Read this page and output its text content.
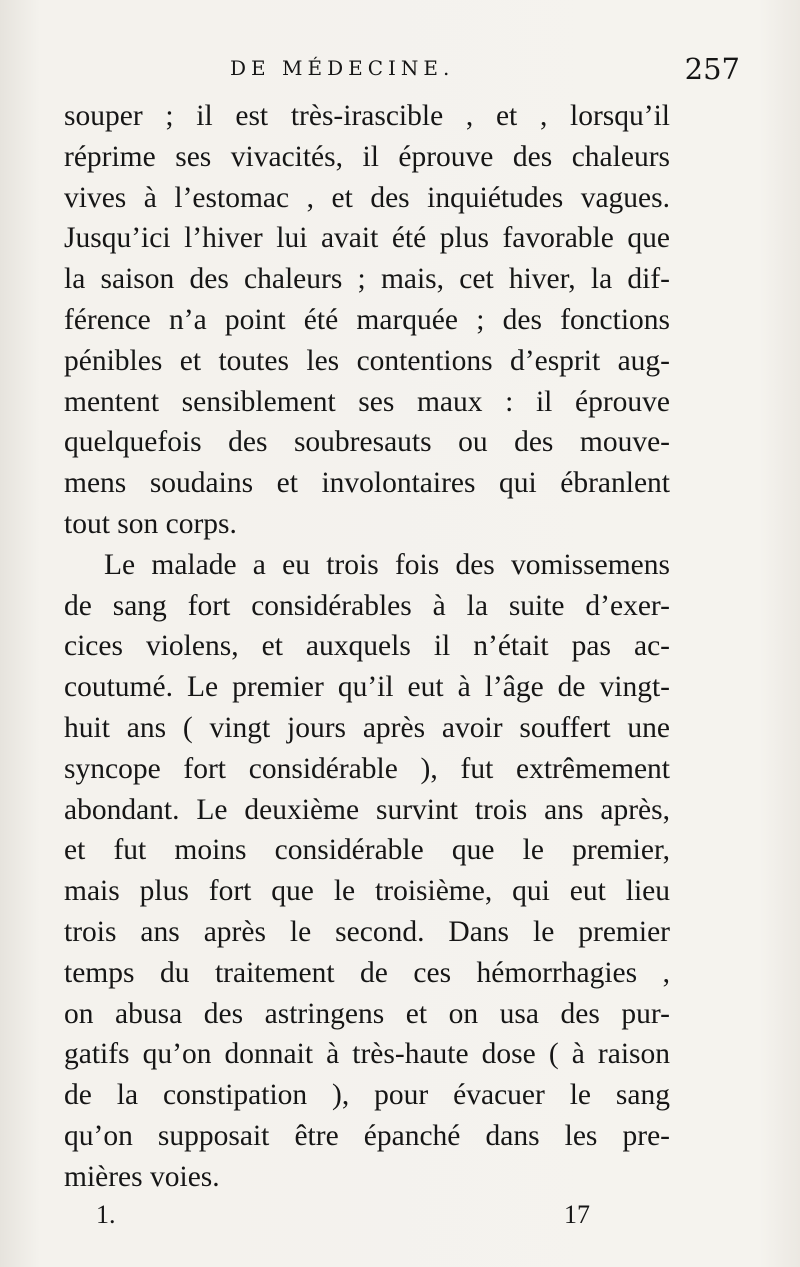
DE MÉDECINE.	257
souper ; il est très-irascible , et , lorsqu’il
réprime ses vivacités, il éprouve des chaleurs
vives à l’estomac , et des inquiétudes vagues.
Jusqu’ici l’hiver lui avait été plus favorable que
la saison des chaleurs ; mais, cet hiver, la dif-
férence n’a point été marquée ; des fonctions
pénibles et toutes les contentions d’esprit aug-
mentent sensiblement ses maux : il éprouve
quelquefois des soubresauts ou des mouve-
mens soudains et involontaires qui ébranlent
tout son corps.
Le malade a eu trois fois des vomissemens
de sang fort considérables à la suite d’exer-
cices violens, et auxquels il n’était pas ac-
coutumé. Le premier qu’il eut à l’âge de vingt-
huit ans ( vingt jours après avoir souffert une
syncope fort considérable ), fut extrêmement
abondant. Le deuxième survint trois ans après,
et fut moins considérable que le premier,
mais plus fort que le troisième, qui eut lieu
trois ans après le second. Dans le premier
temps du traitement de ces hémorrhagies ,
on abusa des astringens et on usa des pur-
gatifs qu’on donnait à très-haute dose ( à raison
de la constipation ), pour évacuer le sang
qu’on supposait être épanché dans les pre-
mières voies.
1.	17
